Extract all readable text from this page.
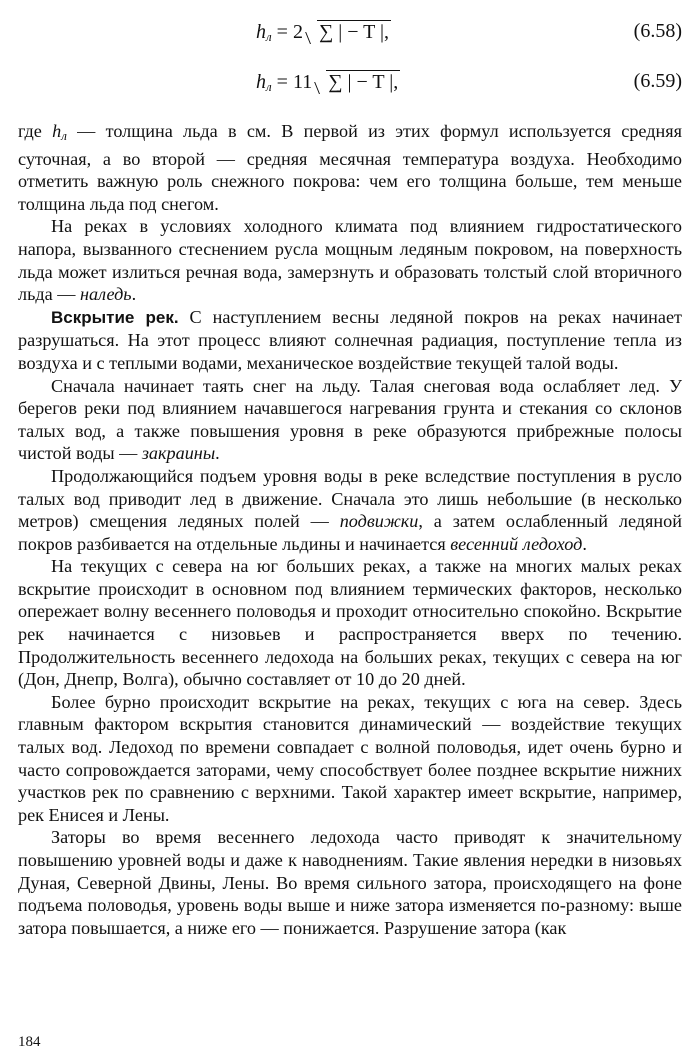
$h_л = 2$ ∑ | − T |,	(6.58)
$h_л = 11$ ∑ | − T |,	(6.59)

где hл — толщина льда в см. В первой из этих формул используется средняя суточная, а во второй — средняя месячная температура воздуха. Необходимо отметить важную роль снежного покрова: чем его толщина больше, тем меньше толщина льда под снегом.

На реках в условиях холодного климата под влиянием гидростатического напора, вызванного стеснением русла мощным ледяным покровом, на поверхность льда может излиться речная вода, замерзнуть и образовать толстый слой вторичного льда — наледь.

Вскрытие рек. С наступлением весны ледяной покров на реках начинает разрушаться. На этот процесс влияют солнечная радиация, поступление тепла из воздуха и с теплыми водами, механическое воздействие текущей талой воды.

Сначала начинает таять снег на льду. Талая снеговая вода ослабляет лед. У берегов реки под влиянием начавшегося нагревания грунта и стекания со склонов талых вод, а также повышения уровня в реке образуются прибрежные полосы чистой воды — закраины.

Продолжающийся подъем уровня воды в реке вследствие поступления в русло талых вод приводит лед в движение. Сначала это лишь небольшие (в несколько метров) смещения ледяных полей — подвижки, а затем ослабленный ледяной покров разбивается на отдельные льдины и начинается весенний ледоход.

На текущих с севера на юг больших реках, а также на многих малых реках вскрытие происходит в основном под влиянием термических факторов, несколько опережает волну весеннего половодья и проходит относительно спокойно. Вскрытие рек начинается с низовьев и распространяется вверх по течению. Продолжительность весеннего ледохода на больших реках, текущих с севера на юг (Дон, Днепр, Волга), обычно составляет от 10 до 20 дней.

Более бурно происходит вскрытие на реках, текущих с юга на север. Здесь главным фактором вскрытия становится динамический — воздействие текущих талых вод. Ледоход по времени совпадает с волной половодья, идет очень бурно и часто сопровождается заторами, чему способствует более позднее вскрытие нижних участков рек по сравнению с верхними. Такой характер имеет вскрытие, например, рек Енисея и Лены.

Заторы во время весеннего ледохода часто приводят к значительному повышению уровней воды и даже к наводнениям. Такие явления нередки в низовьях Дуная, Северной Двины, Лены. Во время сильного затора, происходящего на фоне подъема половодья, уровень воды выше и ниже затора изменяется по-разному: выше затора повышается, а ниже его — понижается. Разрушение затора (как

184
